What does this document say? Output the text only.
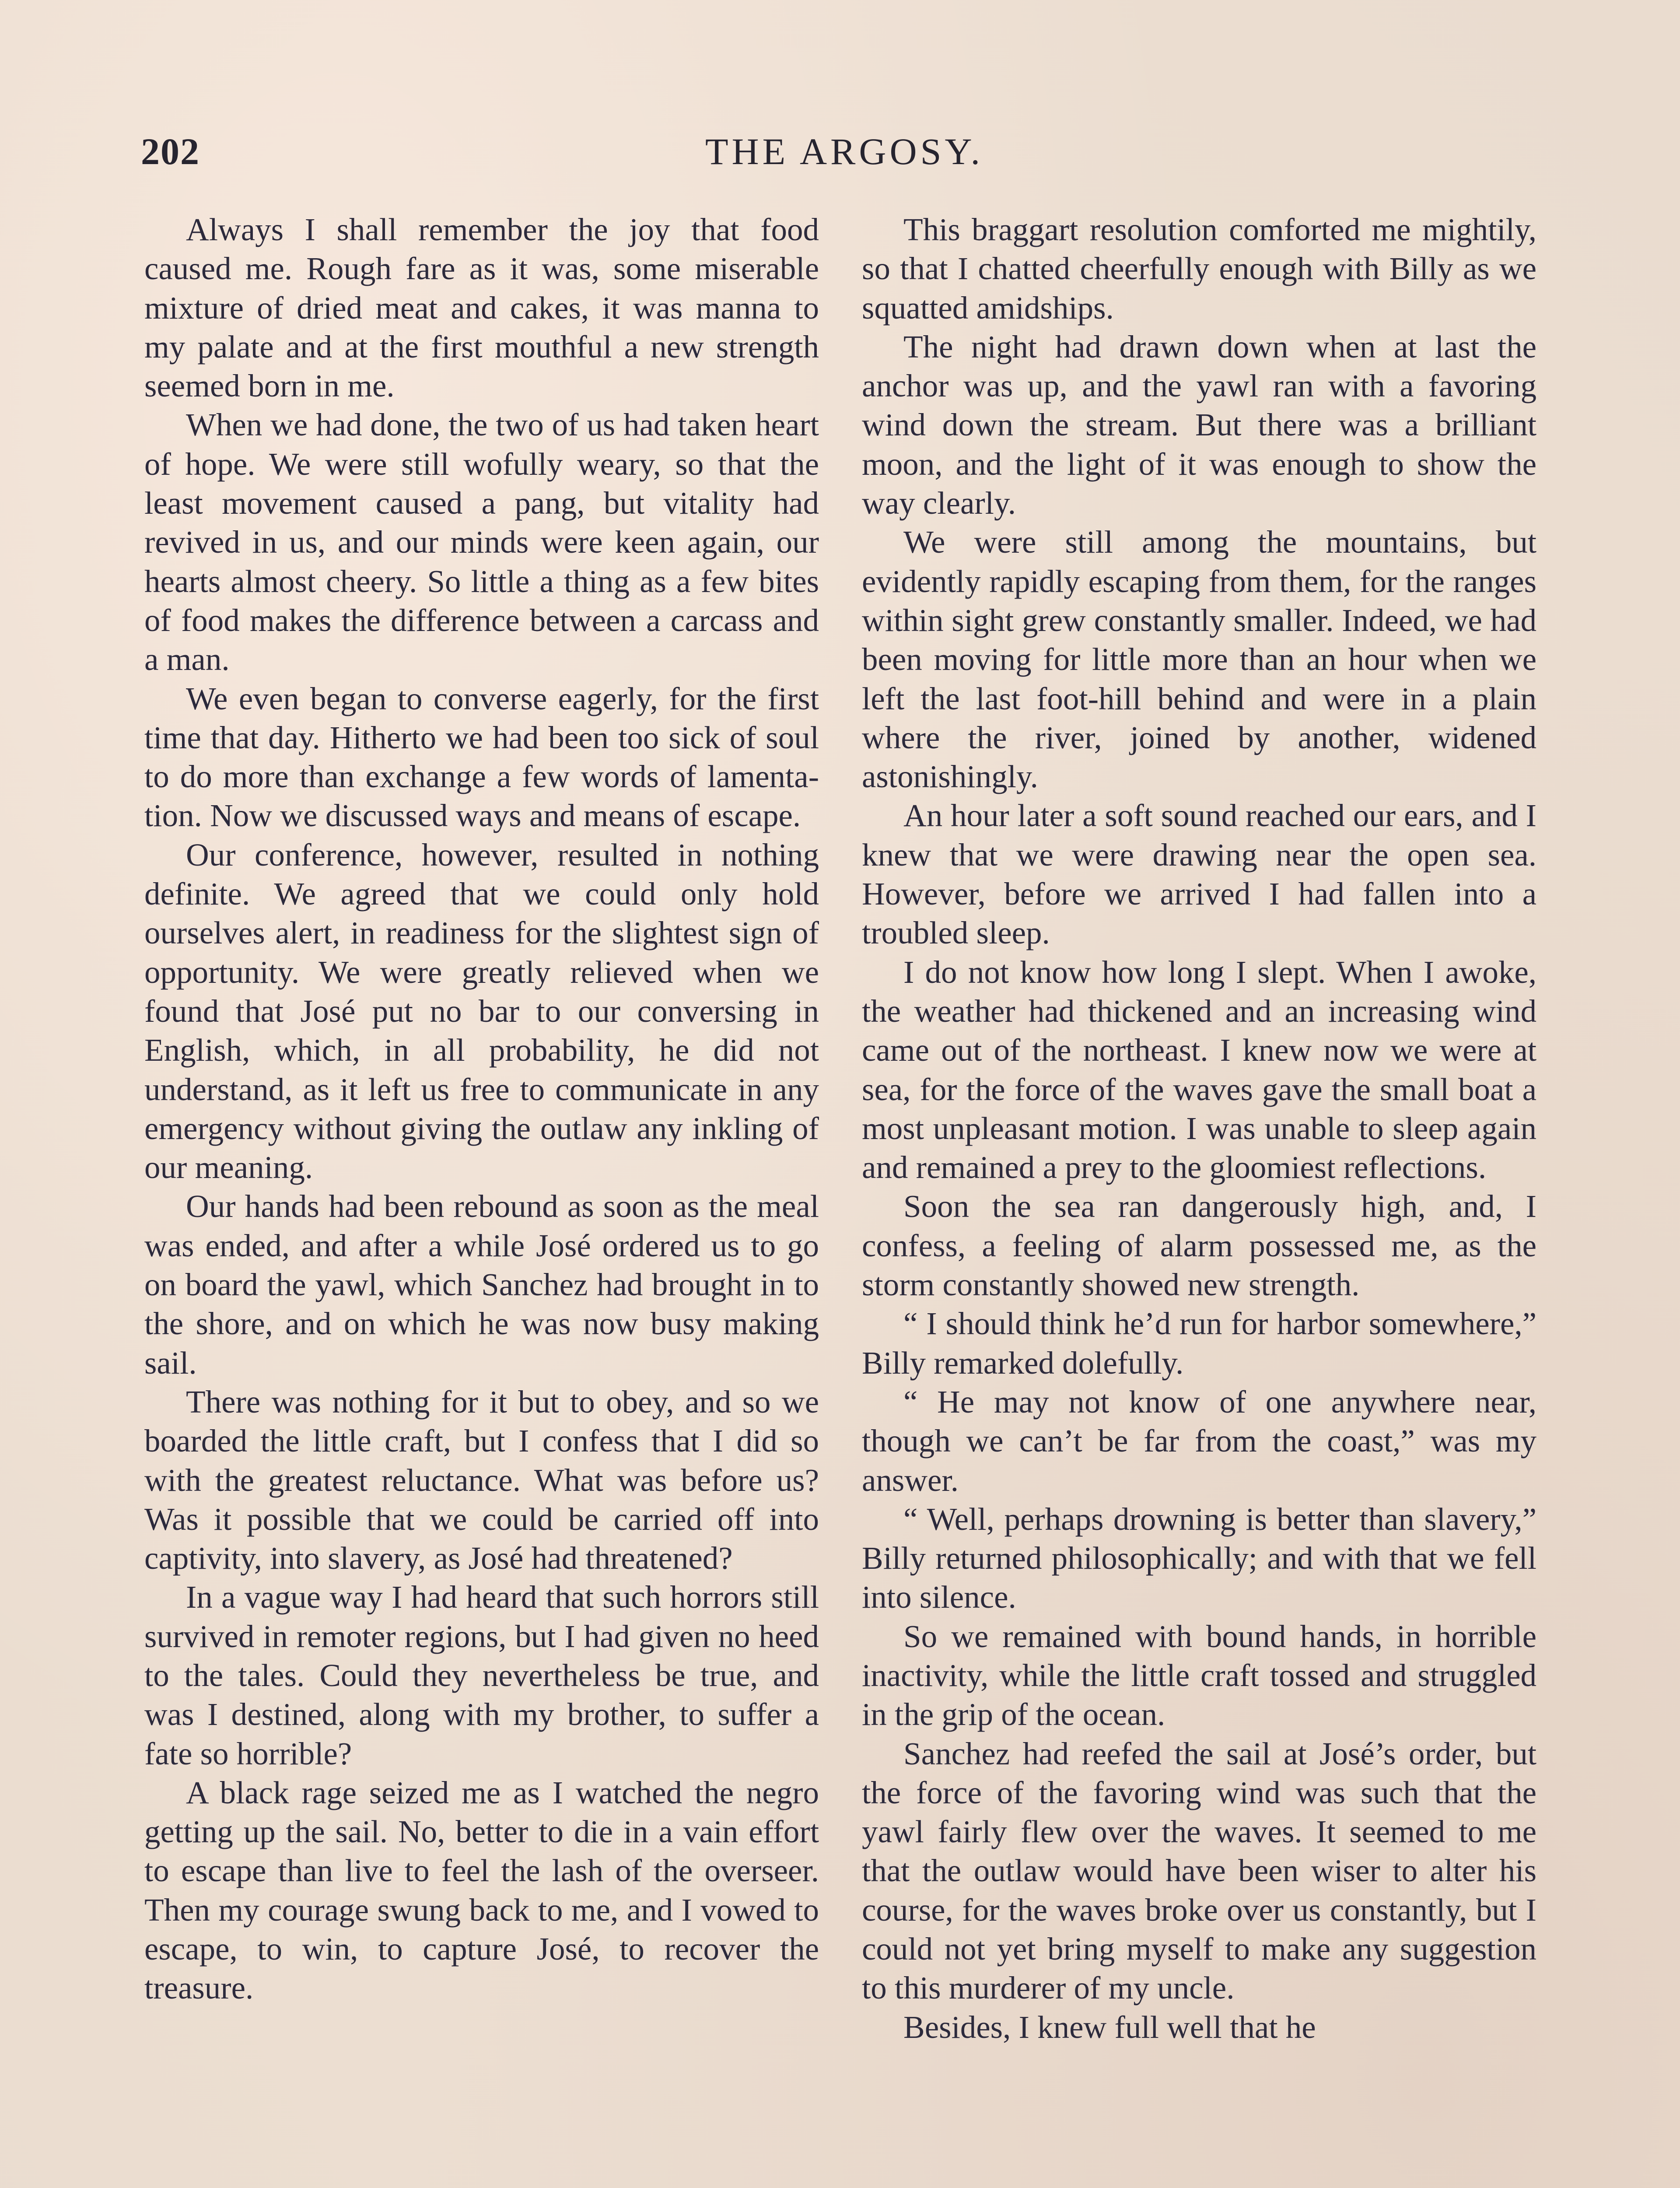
202	THE ARGOSY.

Always I shall remember the joy that food caused me. Rough fare as it was, some miserable mixture of dried meat and cakes, it was manna to my palate and at the first mouthful a new strength seemed born in me.

When we had done, the two of us had taken heart of hope. We were still wofully weary, so that the least movement caused a pang, but vitality had revived in us, and our minds were keen again, our hearts almost cheery. So little a thing as a few bites of food makes the difference between a carcass and a man.

We even began to converse eagerly, for the first time that day. Hitherto we had been too sick of soul to do more than exchange a few words of lamentation. Now we discussed ways and means of escape.

Our conference, however, resulted in nothing definite. We agreed that we could only hold ourselves alert, in readiness for the slightest sign of opportunity. We were greatly relieved when we found that José put no bar to our conversing in English, which, in all probability, he did not understand, as it left us free to communicate in any emergency without giving the outlaw any inkling of our meaning.

Our hands had been rebound as soon as the meal was ended, and after a while José ordered us to go on board the yawl, which Sanchez had brought in to the shore, and on which he was now busy making sail.

There was nothing for it but to obey, and so we boarded the little craft, but I confess that I did so with the greatest reluctance. What was before us? Was it possible that we could be carried off into captivity, into slavery, as José had threatened?

In a vague way I had heard that such horrors still survived in remoter regions, but I had given no heed to the tales. Could they nevertheless be true, and was I destined, along with my brother, to suffer a fate so horrible?

A black rage seized me as I watched the negro getting up the sail. No, better to die in a vain effort to escape than live to feel the lash of the overseer. Then my courage swung back to me, and I vowed to escape, to win, to capture José, to recover the treasure.

This braggart resolution comforted me mightily, so that I chatted cheerfully enough with Billy as we squatted amidships.

The night had drawn down when at last the anchor was up, and the yawl ran with a favoring wind down the stream. But there was a brilliant moon, and the light of it was enough to show the way clearly.

We were still among the mountains, but evidently rapidly escaping from them, for the ranges within sight grew constantly smaller. Indeed, we had been moving for little more than an hour when we left the last foot-hill behind and were in a plain where the river, joined by another, widened astonishingly.

An hour later a soft sound reached our ears, and I knew that we were drawing near the open sea. However, before we arrived I had fallen into a troubled sleep.

I do not know how long I slept. When I awoke, the weather had thickened and an increasing wind came out of the northeast. I knew now we were at sea, for the force of the waves gave the small boat a most unpleasant motion. I was unable to sleep again and remained a prey to the gloomiest reflections.

Soon the sea ran dangerously high, and, I confess, a feeling of alarm possessed me, as the storm constantly showed new strength.

“ I should think he’d run for harbor somewhere,” Billy remarked dolefully.

“ He may not know of one anywhere near, though we can’t be far from the coast,” was my answer.

“ Well, perhaps drowning is better than slavery,” Billy returned philosophically; and with that we fell into silence.

So we remained with bound hands, in horrible inactivity, while the little craft tossed and struggled in the grip of the ocean.

Sanchez had reefed the sail at José’s order, but the force of the favoring wind was such that the yawl fairly flew over the waves. It seemed to me that the outlaw would have been wiser to alter his course, for the waves broke over us constantly, but I could not yet bring myself to make any suggestion to this murderer of my uncle.

Besides, I knew full well that he
